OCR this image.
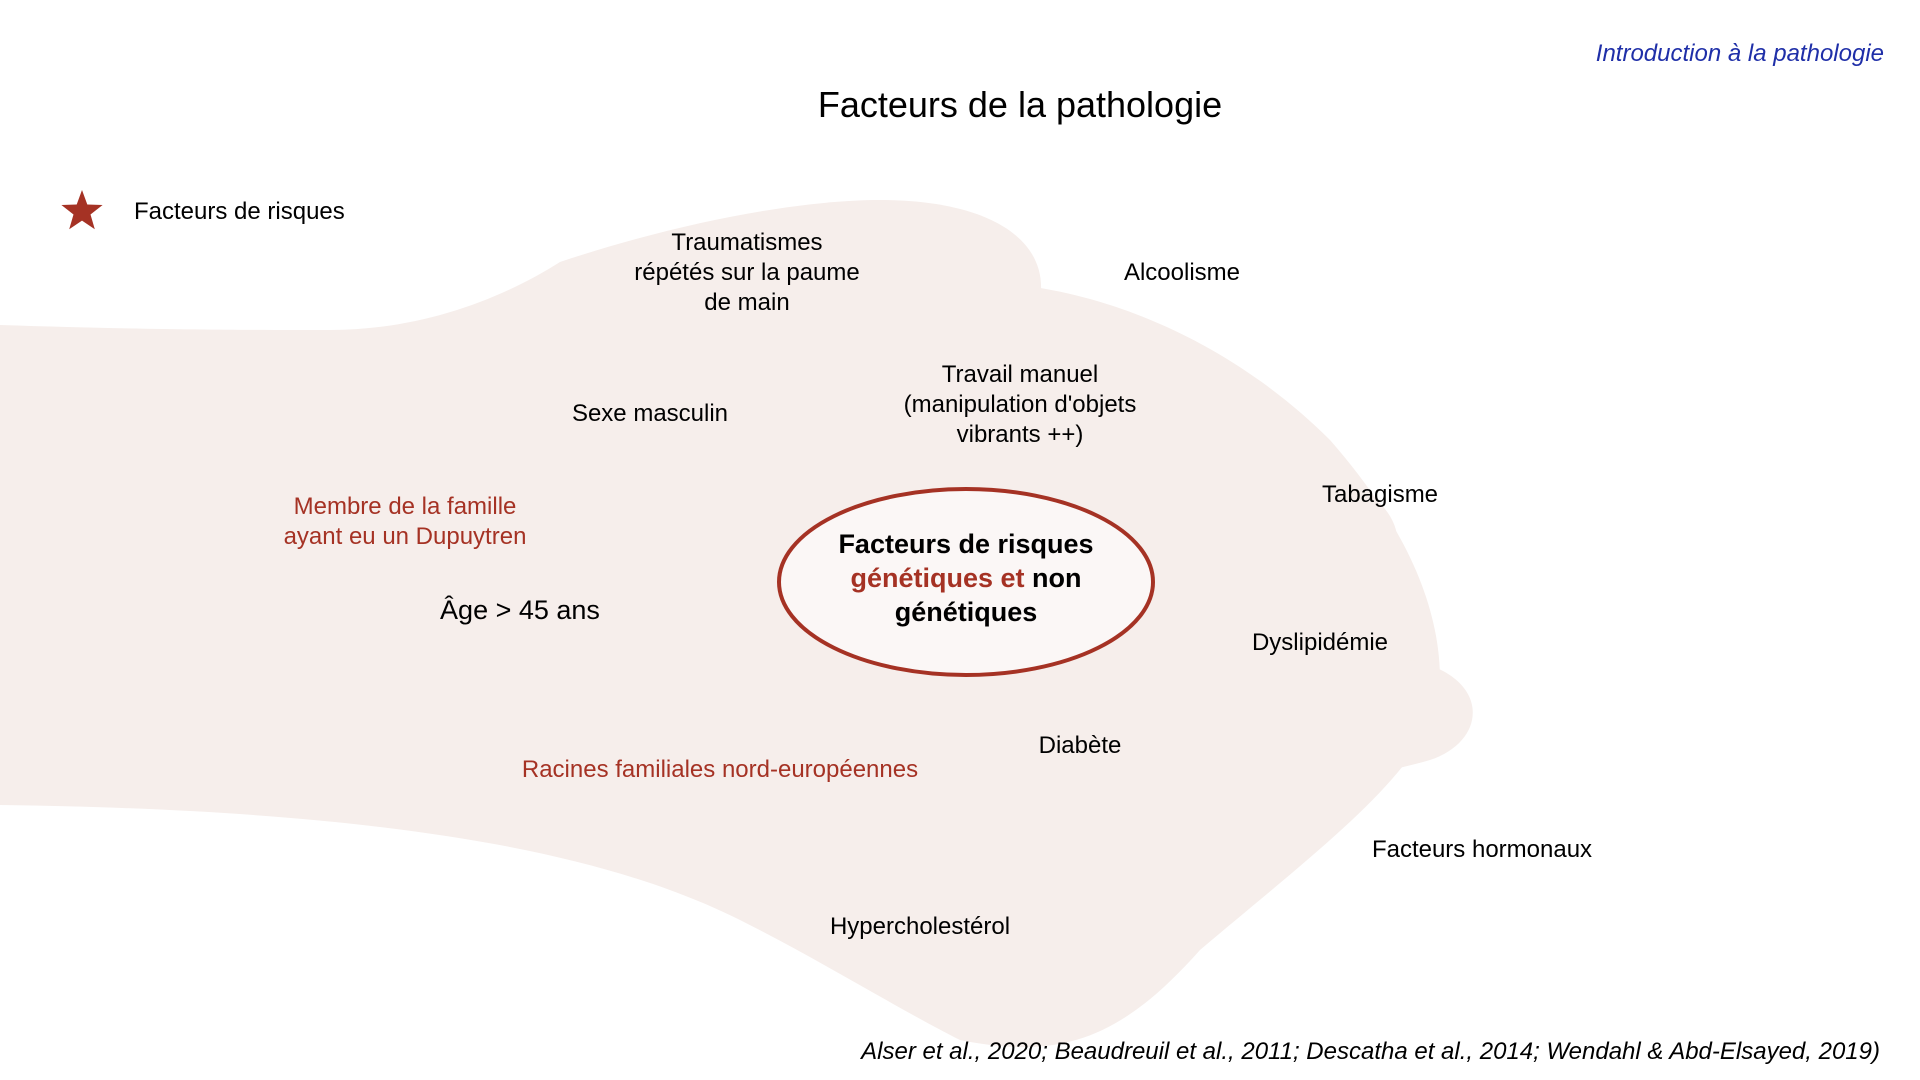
Introduction à la pathologie
Facteurs de la pathologie
Facteurs de risques
Traumatismes
répétés sur la paume
de main
Alcoolisme
Travail manuel
(manipulation d'objets
vibrants ++)
Sexe masculin
Membre de la famille
ayant eu un Dupuytren
Tabagisme
Âge > 45 ans
Dyslipidémie
Diabète
Racines familiales nord-européennes
Facteurs hormonaux
Hypercholestérol
Facteurs de risques
génétiques et non
génétiques
Alser et al., 2020; Beaudreuil et al., 2011; Descatha et al., 2014; Wendahl & Abd-Elsayed, 2019)
